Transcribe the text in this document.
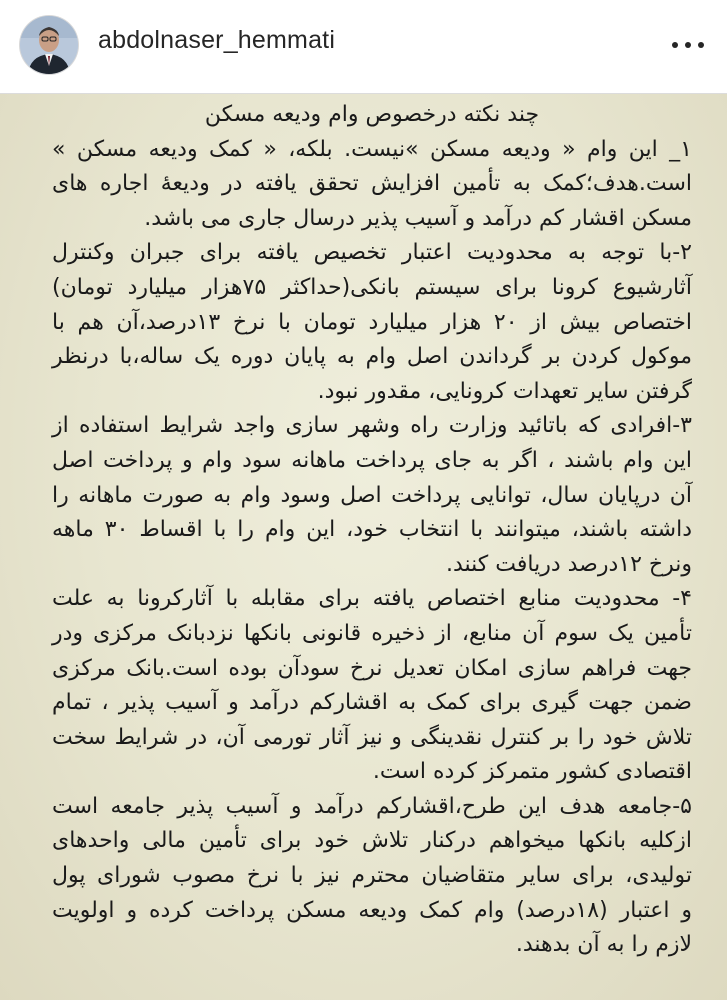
abdolnaser_hemmati
چند نکته درخصوص وام ودیعه مسکن
۱_ این وام « ودیعه مسکن »نیست. بلکه، « کمک ودیعه مسکن »
است.هدف؛کمک به تأمین افزایش تحقق یافته در ودیعهٔ اجاره های
مسکن اقشار کم درآمد و آسیب پذیر درسال جاری می باشد.
۲-با توجه به محدودیت اعتبار تخصیص یافته برای جبران وکنترل
آثارشیوع کرونا برای سیستم بانکی(حداکثر ۷۵هزار میلیارد تومان)
اختصاص بیش از ۲۰ هزار میلیارد تومان با نرخ ۱۳درصد،آن هم با
موکول کردن بر گرداندن اصل وام به پایان دوره یک ساله،با درنظر
گرفتن سایر تعهدات کرونایی، مقدور نبود.
۳-افرادی که باتائید وزارت راه وشهر سازی واجد شرایط استفاده از
این وام باشند ، اگر به جای پرداخت ماهانه سود وام و پرداخت اصل
آن درپایان سال، توانایی پرداخت اصل وسود وام به صورت ماهانه را
داشته باشند، میتوانند با انتخاب خود، این وام را با اقساط ۳۰ ماهه
ونرخ ۱۲درصد دریافت کنند.
۴- محدودیت منابع اختصاص یافته برای مقابله با آثارکرونا به علت
تأمین یک سوم آن منابع، از ذخیره قانونی بانکها نزدبانک مرکزی ودر
جهت فراهم سازی امکان تعدیل نرخ سودآن بوده است.بانک مرکزی
ضمن جهت گیری برای کمک به اقشارکم درآمد و آسیب پذیر ، تمام
تلاش خود را بر کنترل نقدینگی و نیز آثار تورمی آن، در شرایط سخت
اقتصادی کشور متمرکز کرده است.
۵-جامعه هدف این طرح،اقشارکم درآمد و آسیب پذیر جامعه است
ازکلیه بانکها میخواهم درکنار تلاش خود برای تأمین مالی واحدهای
تولیدی، برای سایر متقاضیان محترم نیز با نرخ مصوب شورای پول
و اعتبار (۱۸درصد) وام کمک ودیعه مسکن پرداخت کرده و اولویت
لازم را به آن بدهند.
